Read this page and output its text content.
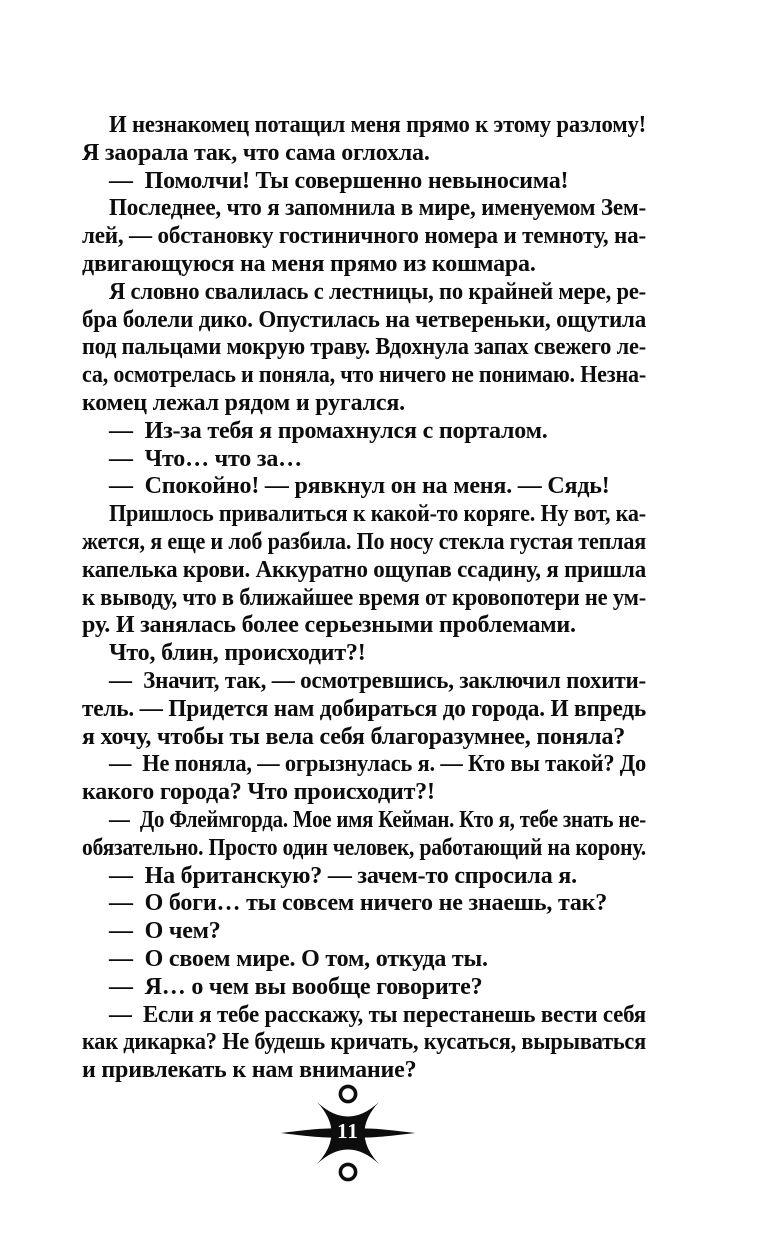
И незнакомец потащил меня прямо к этому разлому!
Я заорала так, что сама оглохла.
— Помолчи! Ты совершенно невыносима!
Последнее, что я запомнила в мире, именуемом Зем-
лей, — обстановку гостиничного номера и темноту, на-
двигающуюся на меня прямо из кошмара.
Я словно свалилась с лестницы, по крайней мере, ре-
бра болели дико. Опустилась на четвереньки, ощутила
под пальцами мокрую траву. Вдохнула запах свежего ле-
са, осмотрелась и поняла, что ничего не понимаю. Незна-
комец лежал рядом и ругался.
— Из-за тебя я промахнулся с порталом.
— Что… что за…
— Спокойно! — рявкнул он на меня. — Сядь!
Пришлось привалиться к какой-то коряге. Ну вот, ка-
жется, я еще и лоб разбила. По носу стекла густая теплая
капелька крови. Аккуратно ощупав ссадину, я пришла
к выводу, что в ближайшее время от кровопотери не ум-
ру. И занялась более серьезными проблемами.
Что, блин, происходит?!
— Значит, так, — осмотревшись, заключил похити-
тель. — Придется нам добираться до города. И впредь
я хочу, чтобы ты вела себя благоразумнее, поняла?
— Не поняла, — огрызнулась я. — Кто вы такой? До
какого города? Что происходит?!
— До Флеймгорда. Мое имя Кейман. Кто я, тебе знать не-
обязательно. Просто один человек, работающий на корону.
— На британскую? — зачем-то спросила я.
— О боги… ты совсем ничего не знаешь, так?
— О чем?
— О своем мире. О том, откуда ты.
— Я… о чем вы вообще говорите?
— Если я тебе расскажу, ты перестанешь вести себя
как дикарка? Не будешь кричать, кусаться, вырываться
и привлекать к нам внимание?
11
